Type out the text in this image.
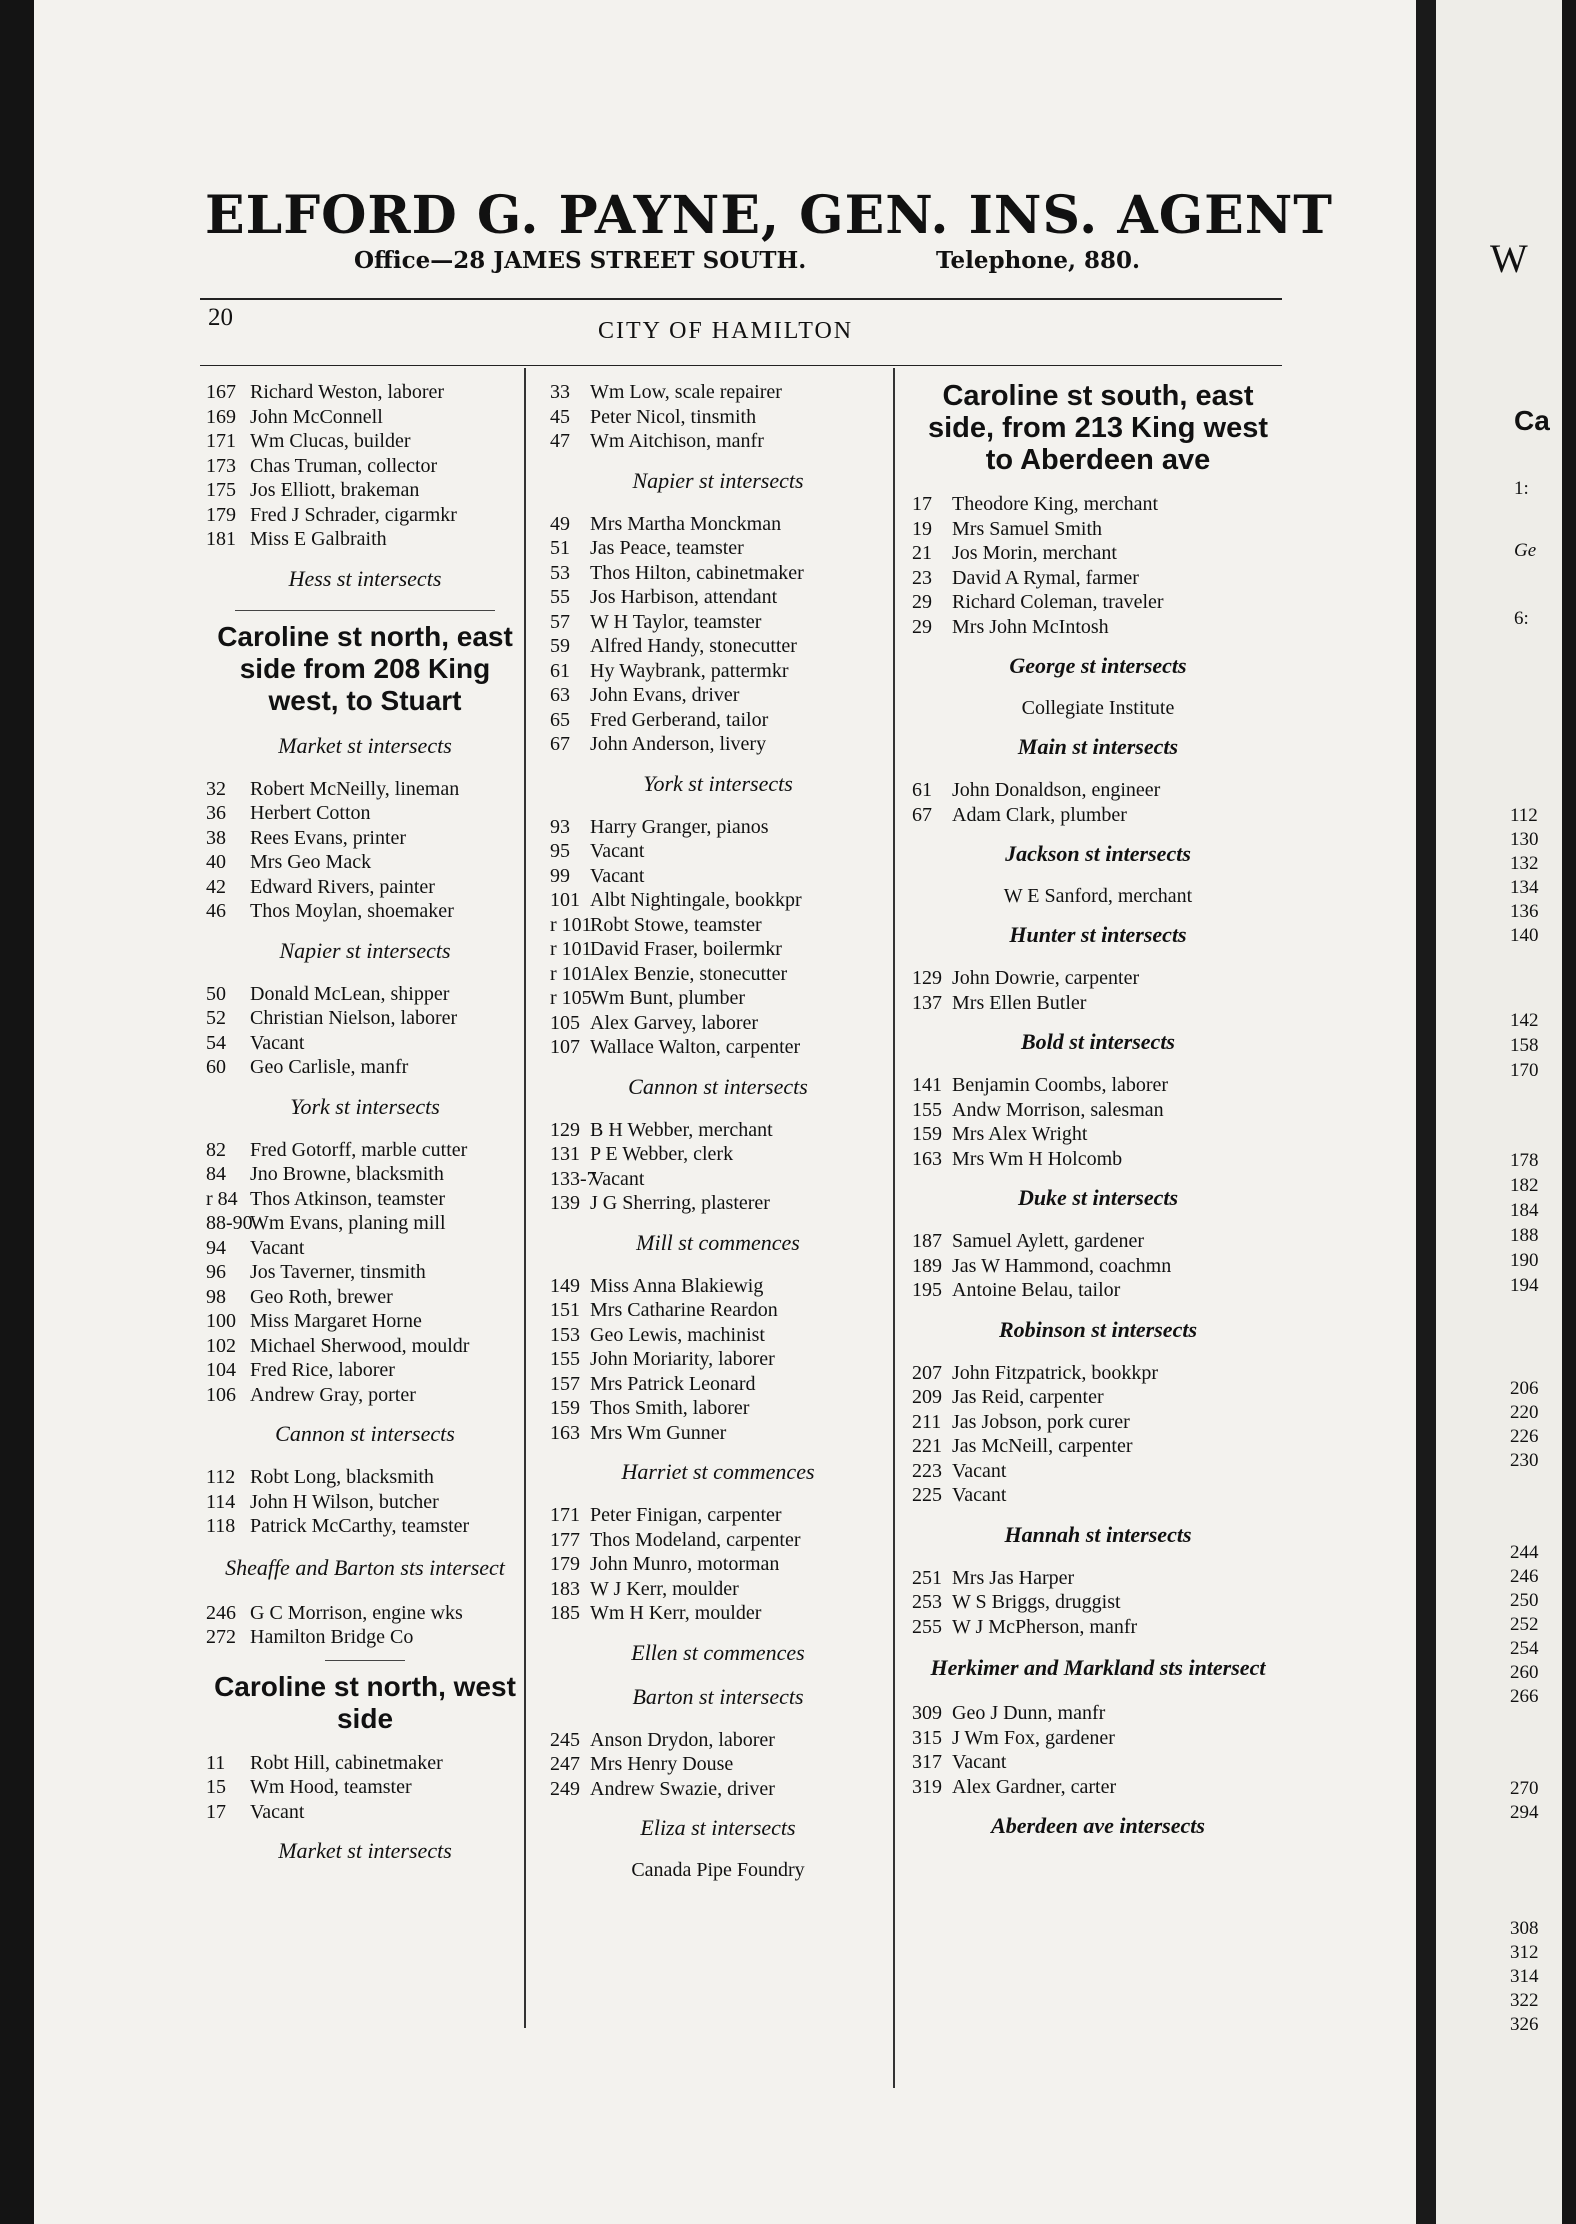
W
Ca
1:
Ge
6:
112
130
132
134
136
140
142
158
170
178
182
184
188
190
194
206
220
226
230
244
246
250
252
254
260
266
270
294
308
312
314
322
326
ELFORD G. PAYNE, GEN. INS. AGENT
Office—28 JAMES STREET SOUTH.	Telephone, 880.
20	CITY OF HAMILTON
167 Richard Weston, laborer
169 John McConnell
171 Wm Clucas, builder
173 Chas Truman, collector
175 Jos Elliott, brakeman
179 Fred J Schrader, cigarmkr
181 Miss E Galbraith
Hess st intersects
Caroline st north, east side from 208 King west, to Stuart
Market st intersects
32 Robert McNeilly, lineman
36 Herbert Cotton
38 Rees Evans, printer
40 Mrs Geo Mack
42 Edward Rivers, painter
46 Thos Moylan, shoemaker
Napier st intersects
50 Donald McLean, shipper
52 Christian Nielson, laborer
54 Vacant
60 Geo Carlisle, manfr
York st intersects
82 Fred Gotorff, marble cutter
84 Jno Browne, blacksmith
r 84 Thos Atkinson, teamster
88-90Wm Evans, planing mill
94 Vacant
96 Jos Taverner, tinsmith
98 Geo Roth, brewer
100 Miss Margaret Horne
102 Michael Sherwood, mouldr
104 Fred Rice, laborer
106 Andrew Gray, porter
Cannon st intersects
112 Robt Long, blacksmith
114 John H Wilson, butcher
118 Patrick McCarthy, teamster
Sheaffe and Barton sts intersect
246 G C Morrison, engine wks
272 Hamilton Bridge Co
Caroline st north, west side
11 Robt Hill, cabinetmaker
15 Wm Hood, teamster
17 Vacant
Market st intersects
33 Wm Low, scale repairer
45 Peter Nicol, tinsmith
47 Wm Aitchison, manfr
Napier st intersects
49 Mrs Martha Monckman
51 Jas Peace, teamster
53 Thos Hilton, cabinetmaker
55 Jos Harbison, attendant
57 W H Taylor, teamster
59 Alfred Handy, stonecutter
61 Hy Waybrank, pattermkr
63 John Evans, driver
65 Fred Gerberand, tailor
67 John Anderson, livery
York st intersects
93 Harry Granger, pianos
95 Vacant
99 Vacant
101 Albt Nightingale, bookkpr
r 101Robt Stowe, teamster
r 101David Fraser, boilermkr
r 101Alex Benzie, stonecutter
r 105Wm Bunt, plumber
105 Alex Garvey, laborer
107 Wallace Walton, carpenter
Cannon st intersects
129 B H Webber, merchant
131 P E Webber, clerk
133-7Vacant
139 J G Sherring, plasterer
Mill st commences
149 Miss Anna Blakiewig
151 Mrs Catharine Reardon
153 Geo Lewis, machinist
155 John Moriarity, laborer
157 Mrs Patrick Leonard
159 Thos Smith, laborer
163 Mrs Wm Gunner
Harriet st commences
171 Peter Finigan, carpenter
177 Thos Modeland, carpenter
179 John Munro, motorman
183 W J Kerr, moulder
185 Wm H Kerr, moulder
Ellen st commences
Barton st intersects
245 Anson Drydon, laborer
247 Mrs Henry Douse
249 Andrew Swazie, driver
Eliza st intersects
Canada Pipe Foundry
Caroline st south, east side, from 213 King west to Aberdeen ave
17 Theodore King, merchant
19 Mrs Samuel Smith
21 Jos Morin, merchant
23 David A Rymal, farmer
29 Richard Coleman, traveler
29 Mrs John McIntosh
George st intersects
Collegiate Institute
Main st intersects
61 John Donaldson, engineer
67 Adam Clark, plumber
Jackson st intersects
W E Sanford, merchant
Hunter st intersects
129 John Dowrie, carpenter
137 Mrs Ellen Butler
Bold st intersects
141 Benjamin Coombs, laborer
155 Andw Morrison, salesman
159 Mrs Alex Wright
163 Mrs Wm H Holcomb
Duke st intersects
187 Samuel Aylett, gardener
189 Jas W Hammond, coachmn
195 Antoine Belau, tailor
Robinson st intersects
207 John Fitzpatrick, bookkpr
209 Jas Reid, carpenter
211 Jas Jobson, pork curer
221 Jas McNeill, carpenter
223 Vacant
225 Vacant
Hannah st intersects
251 Mrs Jas Harper
253 W S Briggs, druggist
255 W J McPherson, manfr
Herkimer and Markland sts intersect
309 Geo J Dunn, manfr
315 J Wm Fox, gardener
317 Vacant
319 Alex Gardner, carter
Aberdeen ave intersects
